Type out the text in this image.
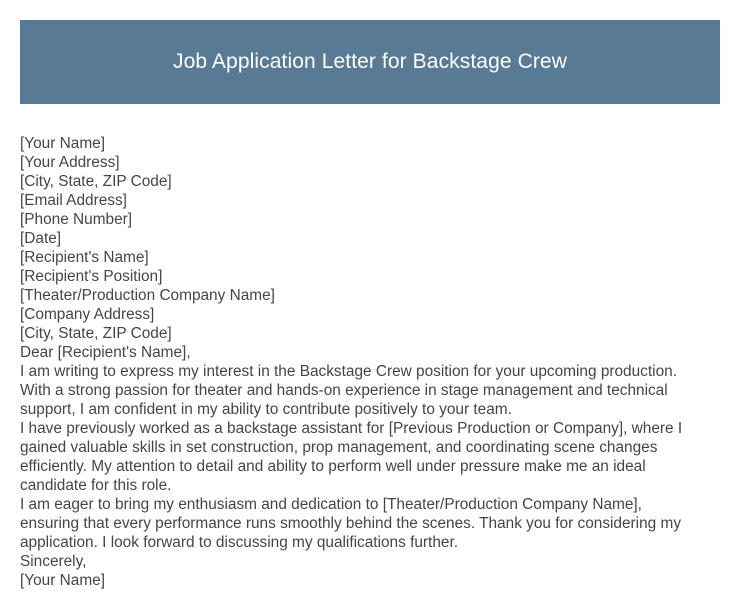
Job Application Letter for Backstage Crew
[Your Name]
[Your Address]
[City, State, ZIP Code]
[Email Address]
[Phone Number]
[Date]
[Recipient's Name]
[Recipient's Position]
[Theater/Production Company Name]
[Company Address]
[City, State, ZIP Code]
Dear [Recipient's Name],
I am writing to express my interest in the Backstage Crew position for your upcoming production.
With a strong passion for theater and hands-on experience in stage management and technical
support, I am confident in my ability to contribute positively to your team.
I have previously worked as a backstage assistant for [Previous Production or Company], where I
gained valuable skills in set construction, prop management, and coordinating scene changes
efficiently. My attention to detail and ability to perform well under pressure make me an ideal
candidate for this role.
I am eager to bring my enthusiasm and dedication to [Theater/Production Company Name],
ensuring that every performance runs smoothly behind the scenes. Thank you for considering my
application. I look forward to discussing my qualifications further.
Sincerely,
[Your Name]
